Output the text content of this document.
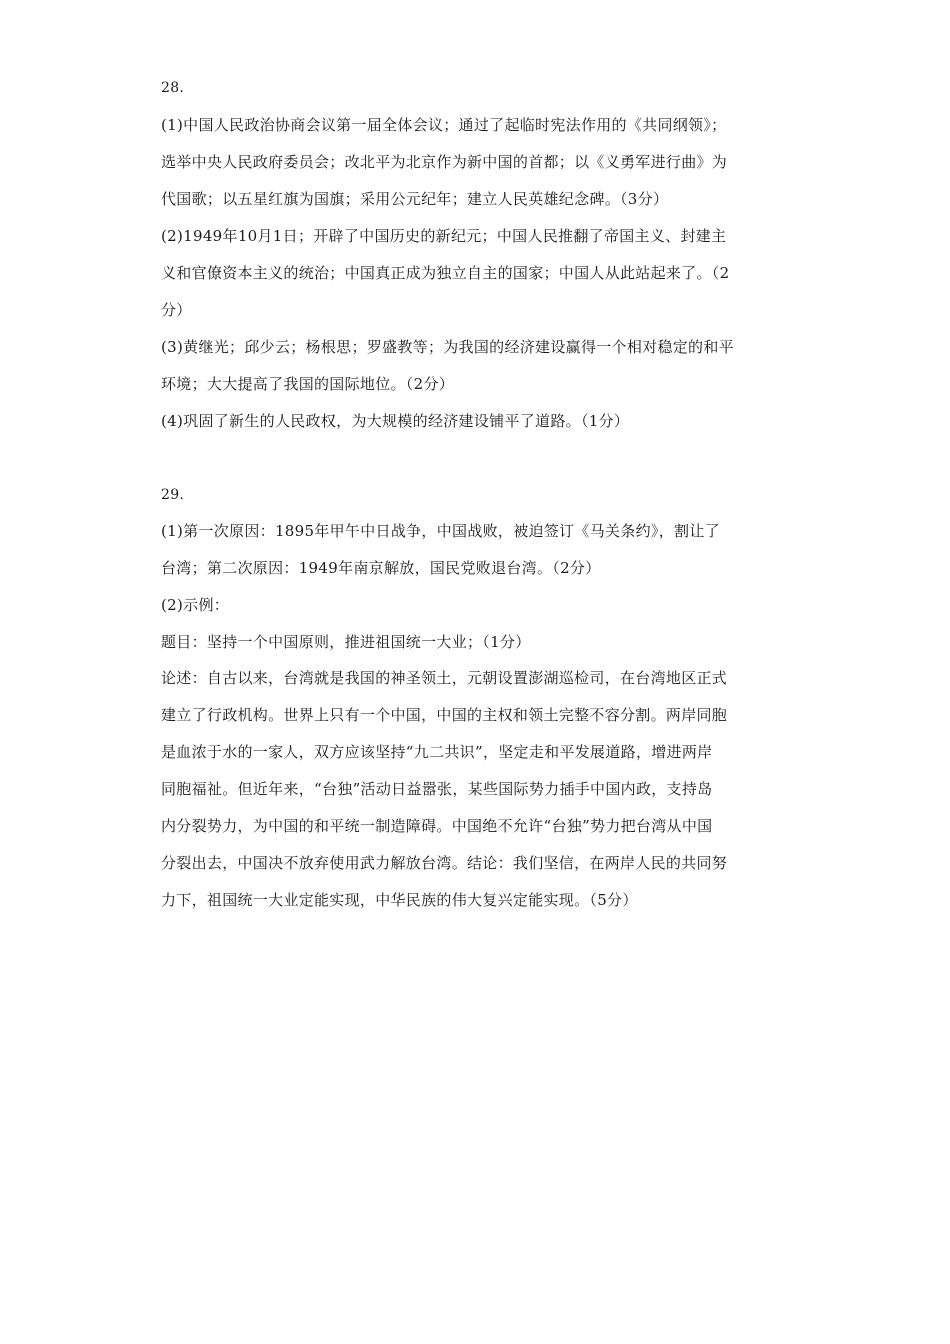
28.
(1)中国人民政治协商会议第一届全体会议；通过了起临时宪法作用的《共同纲领》；
选举中央人民政府委员会；改北平为北京作为新中国的首都；以《义勇军进行曲》为
代国歌；以五星红旗为国旗；采用公元纪年；建立人民英雄纪念碑。（3分）
(2)1949年10月1日；开辟了中国历史的新纪元；中国人民推翻了帝国主义、封建主
义和官僚资本主义的统治；中国真正成为独立自主的国家；中国人从此站起来了。（2
分）
(3)黄继光；邱少云；杨根思；罗盛教等；为我国的经济建设赢得一个相对稳定的和平
环境；大大提高了我国的国际地位。（2分）
(4)巩固了新生的人民政权，为大规模的经济建设铺平了道路。（1分）
29.
(1)第一次原因：1895年甲午中日战争，中国战败，被迫签订《马关条约》，割让了
台湾；第二次原因：1949年南京解放，国民党败退台湾。（2分）
(2)示例：
题目：坚持一个中国原则，推进祖国统一大业；（1分）
论述：自古以来，台湾就是我国的神圣领土，元朝设置澎湖巡检司，在台湾地区正式
建立了行政机构。世界上只有一个中国，中国的主权和领土完整不容分割。两岸同胞
是血浓于水的一家人，双方应该坚持“九二共识”，坚定走和平发展道路，增进两岸
同胞福祉。但近年来，“台独”活动日益嚣张，某些国际势力插手中国内政，支持岛
内分裂势力，为中国的和平统一制造障碍。中国绝不允许“台独”势力把台湾从中国
分裂出去，中国决不放弃使用武力解放台湾。结论：我们坚信，在两岸人民的共同努
力下，祖国统一大业定能实现，中华民族的伟大复兴定能实现。（5分）
